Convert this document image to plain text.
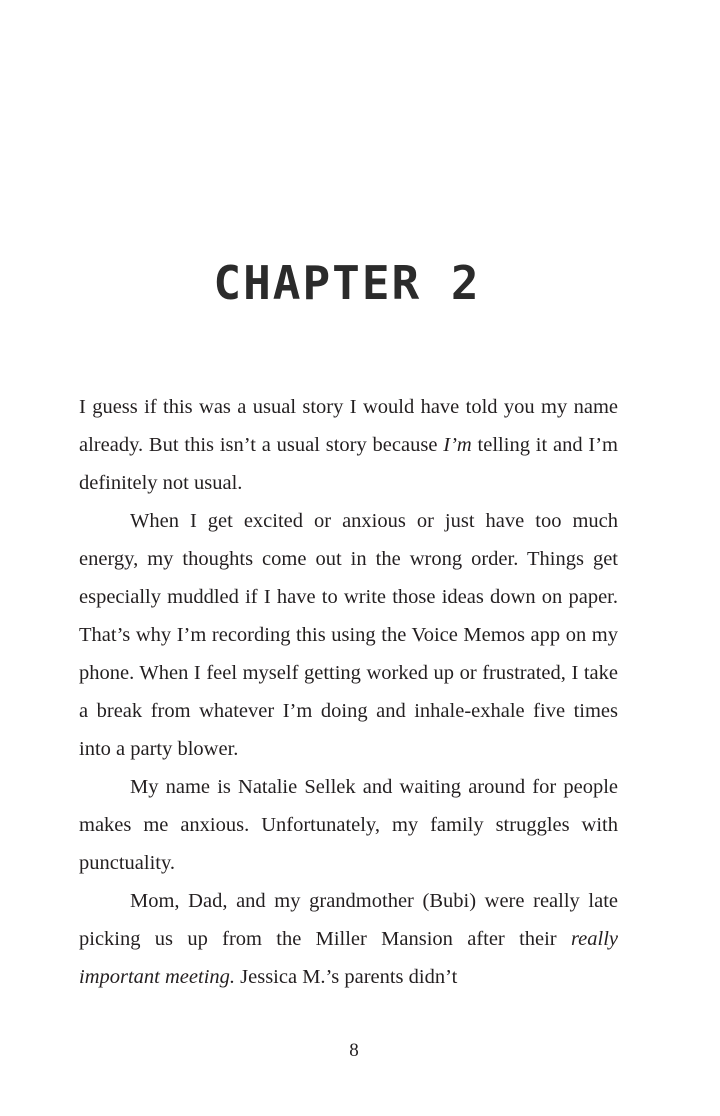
CHAPTER 2

I guess if this was a usual story I would have told you my name already. But this isn’t a usual story because I’m telling it and I’m definitely not usual.

When I get excited or anxious or just have too much energy, my thoughts come out in the wrong order. Things get especially muddled if I have to write those ideas down on paper. That’s why I’m recording this using the Voice Memos app on my phone. When I feel myself getting worked up or frustrated, I take a break from whatever I’m doing and inhale-exhale five times into a party blower.

My name is Natalie Sellek and waiting around for people makes me anxious. Unfortunately, my family struggles with punctuality.

Mom, Dad, and my grandmother (Bubi) were really late picking us up from the Miller Mansion after their really important meeting. Jessica M.’s parents didn’t

8
